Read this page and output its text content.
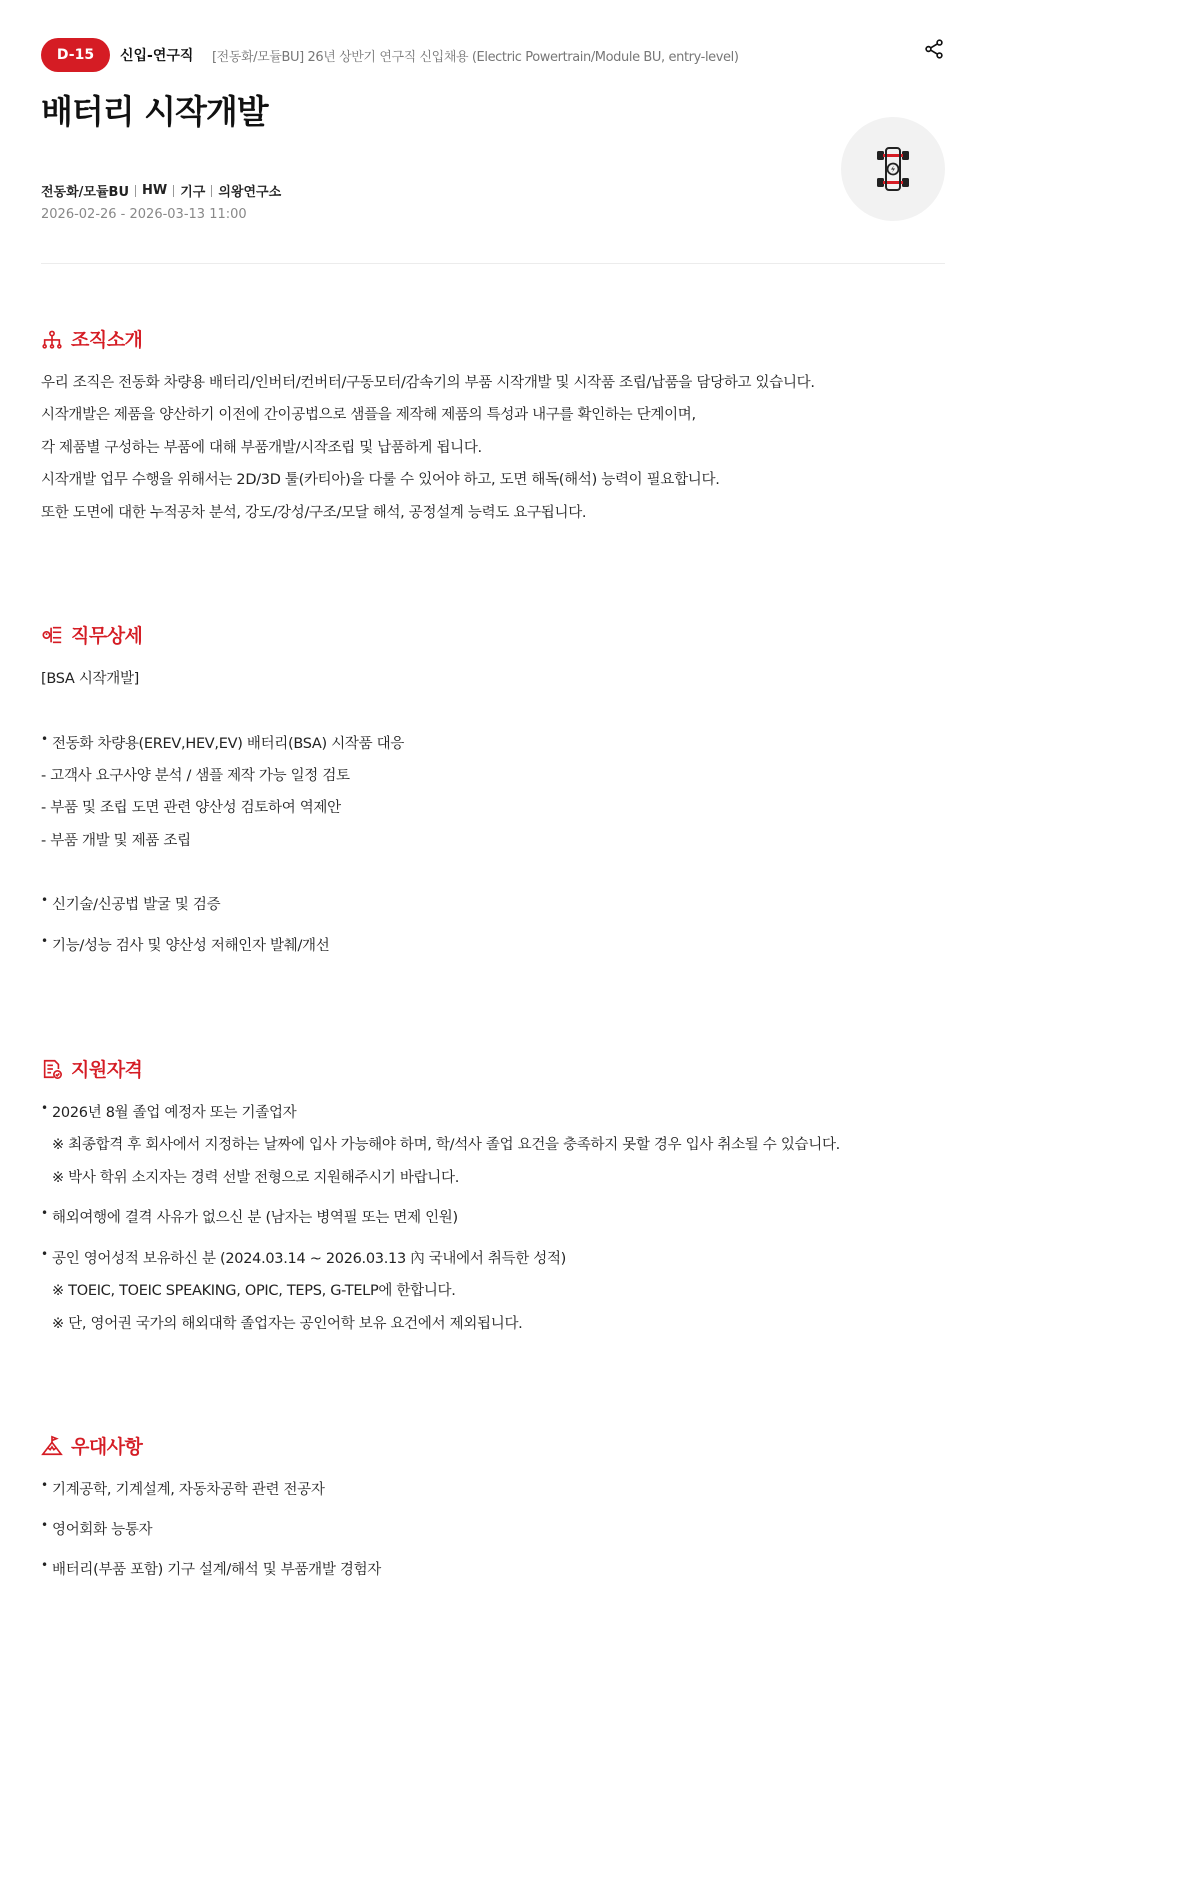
D-15	신입-연구직 [전동화/모듈BU] 26년 상반기 연구직 신입채용 (Electric Powertrain/Module BU, entry-level)
배터리 시작개발
전동화/모듈BU HW 기구 의왕연구소
2026-02-26 - 2026-03-13 11:00
조직소개
우리 조직은 전동화 차량용 배터리/인버터/컨버터/구동모터/감속기의 부품 시작개발 및 시작품 조립/납품을 담당하고 있습니다.
시작개발은 제품을 양산하기 이전에 간이공법으로 샘플을 제작해 제품의 특성과 내구를 확인하는 단계이며,
각 제품별 구성하는 부품에 대해 부품개발/시작조립 및 납품하게 됩니다.
시작개발 업무 수행을 위해서는 2D/3D 툴(카티아)을 다룰 수 있어야 하고, 도면 해독(해석) 능력이 필요합니다.
또한 도면에 대한 누적공차 분석, 강도/강성/구조/모달 해석, 공정설계 능력도 요구됩니다.
직무상세
[BSA 시작개발]
• 전동화 차량용(EREV,HEV,EV) 배터리(BSA) 시작품 대응
- 고객사 요구사양 분석 / 샘플 제작 가능 일정 검토
- 부품 및 조립 도면 관련 양산성 검토하여 역제안
- 부품 개발 및 제품 조립
• 신기술/신공법 발굴 및 검증
• 기능/성능 검사 및 양산성 저해인자 발췌/개선
지원자격
• 2026년 8월 졸업 예정자 또는 기졸업자
※ 최종합격 후 회사에서 지정하는 날짜에 입사 가능해야 하며, 학/석사 졸업 요건을 충족하지 못할 경우 입사 취소될 수 있습니다.
※ 박사 학위 소지자는 경력 선발 전형으로 지원해주시기 바랍니다.
• 해외여행에 결격 사유가 없으신 분 (남자는 병역필 또는 면제 인원)
• 공인 영어성적 보유하신 분 (2024.03.14 ~ 2026.03.13 內 국내에서 취득한 성적)
※ TOEIC, TOEIC SPEAKING, OPIC, TEPS, G-TELP에 한합니다.
※ 단, 영어권 국가의 해외대학 졸업자는 공인어학 보유 요건에서 제외됩니다.
우대사항
• 기계공학, 기계설계, 자동차공학 관련 전공자
• 영어회화 능통자
• 배터리(부품 포함) 기구 설계/해석 및 부품개발 경험자
